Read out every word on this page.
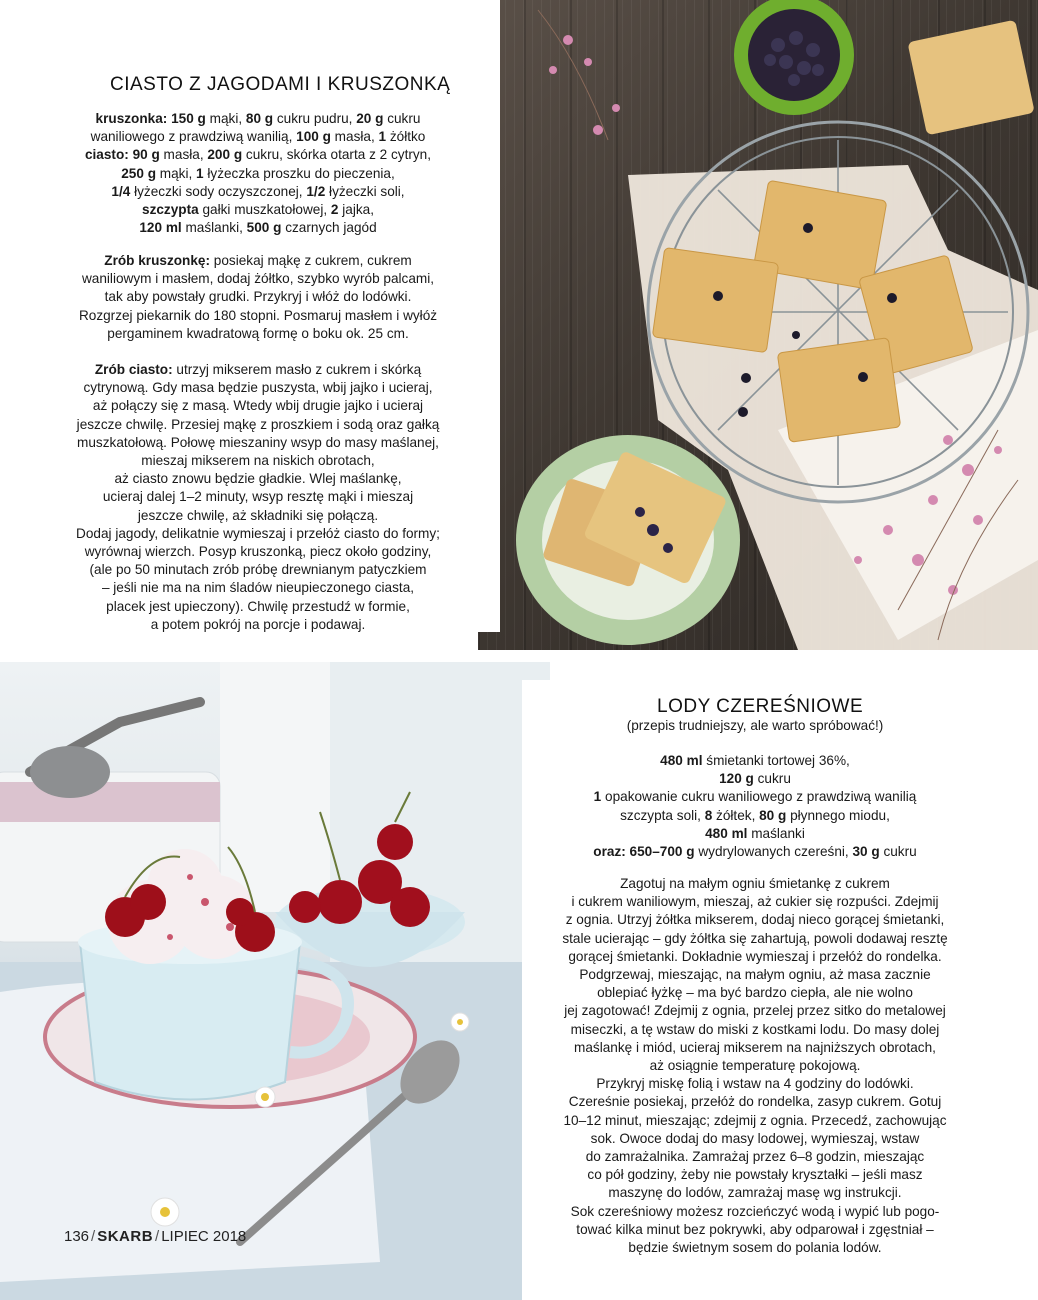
CIASTO Z JAGODAMI I KRUSZONKĄ
kruszonka: 150 g mąki, 80 g cukru pudru, 20 g cukru
waniliowego z prawdziwą wanilią, 100 g masła, 1 żółtko
ciasto: 90 g masła, 200 g cukru, skórka otarta z 2 cytryn,
250 g mąki, 1 łyżeczka proszku do pieczenia,
1/4 łyżeczki sody oczyszczonej, 1/2 łyżeczki soli,
szczypta gałki muszkatołowej, 2 jajka,
120 ml maślanki, 500 g czarnych jagód

Zrób kruszonkę: posiekaj mąkę z cukrem, cukrem
waniliowym i masłem, dodaj żółtko, szybko wyrób palcami,
tak aby powstały grudki. Przykryj i włóż do lodówki.
Rozgrzej piekarnik do 180 stopni. Posmaruj masłem i wyłóż
pergaminem kwadratową formę o boku ok. 25 cm.

Zrób ciasto: utrzyj mikserem masło z cukrem i skórką
cytrynową. Gdy masa będzie puszysta, wbij jajko i ucieraj,
aż połączy się z masą. Wtedy wbij drugie jajko i ucieraj
jeszcze chwilę. Przesiej mąkę z proszkiem i sodą oraz gałką
muszkatołową. Połowę mieszaniny wsyp do masy maślanej,
mieszaj mikserem na niskich obrotach,
aż ciasto znowu będzie gładkie. Wlej maślankę,
ucieraj dalej 1–2 minuty, wsyp resztę mąki i mieszaj
jeszcze chwilę, aż składniki się połączą.
Dodaj jagody, delikatnie wymieszaj i przełóż ciasto do formy;
wyrównaj wierzch. Posyp kruszonką, piecz około godziny,
(ale po 50 minutach zrób próbę drewnianym patyczkiem
– jeśli nie ma na nim śladów nieupieczonego ciasta,
placek jest upieczony). Chwilę przestudź w formie,
a potem pokrój na porcje i podawaj.

LODY CZEREŚNIOWE
(przepis trudniejszy, ale warto spróbować!)
480 ml śmietanki tortowej 36%,
120 g cukru
1 opakowanie cukru waniliowego z prawdziwą wanilią
szczypta soli, 8 żółtek, 80 g płynnego miodu,
480 ml maślanki
oraz: 650–700 g wydrylowanych czereśni, 30 g cukru
Zagotuj na małym ogniu śmietankę z cukrem
i cukrem waniliowym, mieszaj, aż cukier się rozpuści. Zdejmij
z ognia. Utrzyj żółtka mikserem, dodaj nieco gorącej śmietanki,
stale ucierając – gdy żółtka się zahartują, powoli dodawaj resztę
gorącej śmietanki. Dokładnie wymieszaj i przełóż do rondelka.
Podgrzewaj, mieszając, na małym ogniu, aż masa zacznie
oblepiać łyżkę – ma być bardzo ciepła, ale nie wolno
jej zagotować! Zdejmij z ognia, przelej przez sitko do metalowej
miseczki, a tę wstaw do miski z kostkami lodu. Do masy dolej
maślankę i miód, ucieraj mikserem na najniższych obrotach,
aż osiągnie temperaturę pokojową.
Przykryj miskę folią i wstaw na 4 godziny do lodówki.
Czereśnie posiekaj, przełóż do rondelka, zasyp cukrem. Gotuj
10–12 minut, mieszając; zdejmij z ognia. Przecedź, zachowując
sok. Owoce dodaj do masy lodowej, wymieszaj, wstaw
do zamrażalnika. Zamrażaj przez 6–8 godzin, mieszając
co pół godziny, żeby nie powstały kryształki – jeśli masz
maszynę do lodów, zamrażaj masę wg instrukcji.
Sok czereśniowy możesz rozcieńczyć wodą i wypić lub pogo-
tować kilka minut bez pokrywki, aby odparował i zgęstniał –
będzie świetnym sosem do polania lodów.
136 / SKARB / LIPIEC 2018
